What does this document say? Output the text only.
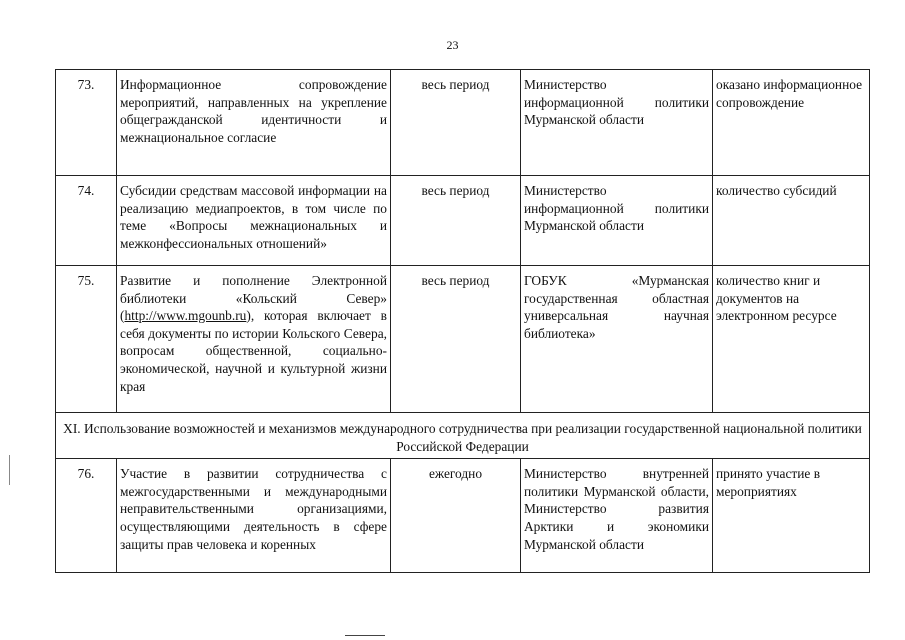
23
73.	Информационное сопровождение мероприятий, направленных на укрепление общегражданской идентичности и межнациональное согласие	весь период	Министерство информационной политики Мурманской области	оказано информационное сопровождение
74.	Субсидии средствам массовой информации на реализацию медиапроектов, в том числе по теме «Вопросы межнациональных и межконфессиональных отношений»	весь период	Министерство информационной политики Мурманской области	количество субсидий
75.	Развитие и пополнение Электронной библиотеки «Кольский Север» (http://www.mgounb.ru), которая включает в себя документы по истории Кольского Севера, вопросам общественной, социально-экономической, научной и культурной жизни края	весь период	ГОБУК «Мурманская государственная областная универсальная научная библиотека»	количество книг и документов на электронном ресурсе
XI. Использование возможностей и механизмов международного сотрудничества при реализации государственной национальной политики Российской Федерации				
76.	Участие в развитии сотрудничества с межгосударственными и международными неправительственными организациями, осуществляющими деятельность в сфере защиты прав человека и коренных	ежегодно	Министерство внутренней политики Мурманской области, Министерство развития Арктики и экономики Мурманской области	принято участие в мероприятиях
